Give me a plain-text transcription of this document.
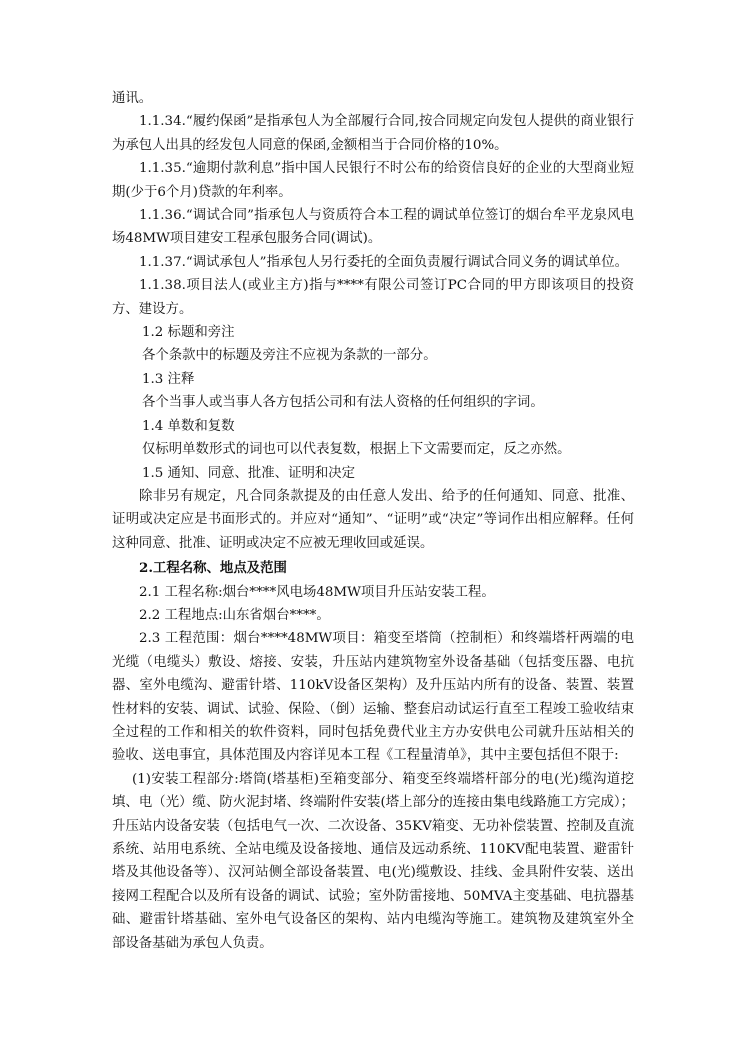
通讯。

1.1.34.“履约保函”是指承包人为全部履行合同,按合同规定向发包人提供的商业银行为承包人出具的经发包人同意的保函,金额相当于合同价格的10%。

1.1.35.“逾期付款利息”指中国人民银行不时公布的给资信良好的企业的大型商业短期(少于6个月)贷款的年利率。

1.1.36.“调试合同”指承包人与资质符合本工程的调试单位签订的烟台牟平龙泉风电场48MW项目建安工程承包服务合同(调试)。

1.1.37.“调试承包人”指承包人另行委托的全面负责履行调试合同义务的调试单位。

1.1.38.项目法人(或业主方)指与****有限公司签订PC合同的甲方即该项目的投资方、建设方。

1.2 标题和旁注

各个条款中的标题及旁注不应视为条款的一部分。

1.3 注释

各个当事人或当事人各方包括公司和有法人资格的任何组织的字词。

1.4 单数和复数

仅标明单数形式的词也可以代表复数，根据上下文需要而定，反之亦然。

1.5 通知、同意、批准、证明和决定

除非另有规定，凡合同条款提及的由任意人发出、给予的任何通知、同意、批准、证明或决定应是书面形式的。并应对“通知”、“证明”或“决定”等词作出相应解释。任何这种同意、批准、证明或决定不应被无理收回或延误。

2.工程名称、地点及范围

2.1 工程名称:烟台****风电场48MW项目升压站安装工程。

2.2 工程地点:山东省烟台****。

2.3 工程范围：烟台****48MW项目：箱变至塔筒（控制柜）和终端塔杆两端的电光缆（电缆头）敷设、熔接、安装，升压站内建筑物室外设备基础（包括变压器、电抗器、室外电缆沟、避雷针塔、110kV设备区架构）及升压站内所有的设备、装置、装置性材料的安装、调试、试验、保险、（倒）运输、整套启动试运行直至工程竣工验收结束全过程的工作和相关的软件资料，同时包括免费代业主方办安供电公司就升压站相关的验收、送电事宜，具体范围及内容详见本工程《工程量清单》，其中主要包括但不限于:

(1)安装工程部分:塔筒(塔基柜)至箱变部分、箱变至终端塔杆部分的电(光)缆沟道挖填、电（光）缆、防火泥封堵、终端附件安装(塔上部分的连接由集电线路施工方完成）；升压站内设备安装（包括电气一次、二次设备、35KV箱变、无功补偿装置、控制及直流系统、站用电系统、全站电缆及设备接地、通信及远动系统、110KV配电装置、避雷针塔及其他设备等）、汉河站侧全部设备装置、电(光)缆敷设、挂线、金具附件安装、送出接网工程配合以及所有设备的调试、试验；室外防雷接地、50MVA主变基础、电抗器基础、避雷针塔基础、室外电气设备区的架构、站内电缆沟等施工。建筑物及建筑室外全部设备基础为承包人负责。
